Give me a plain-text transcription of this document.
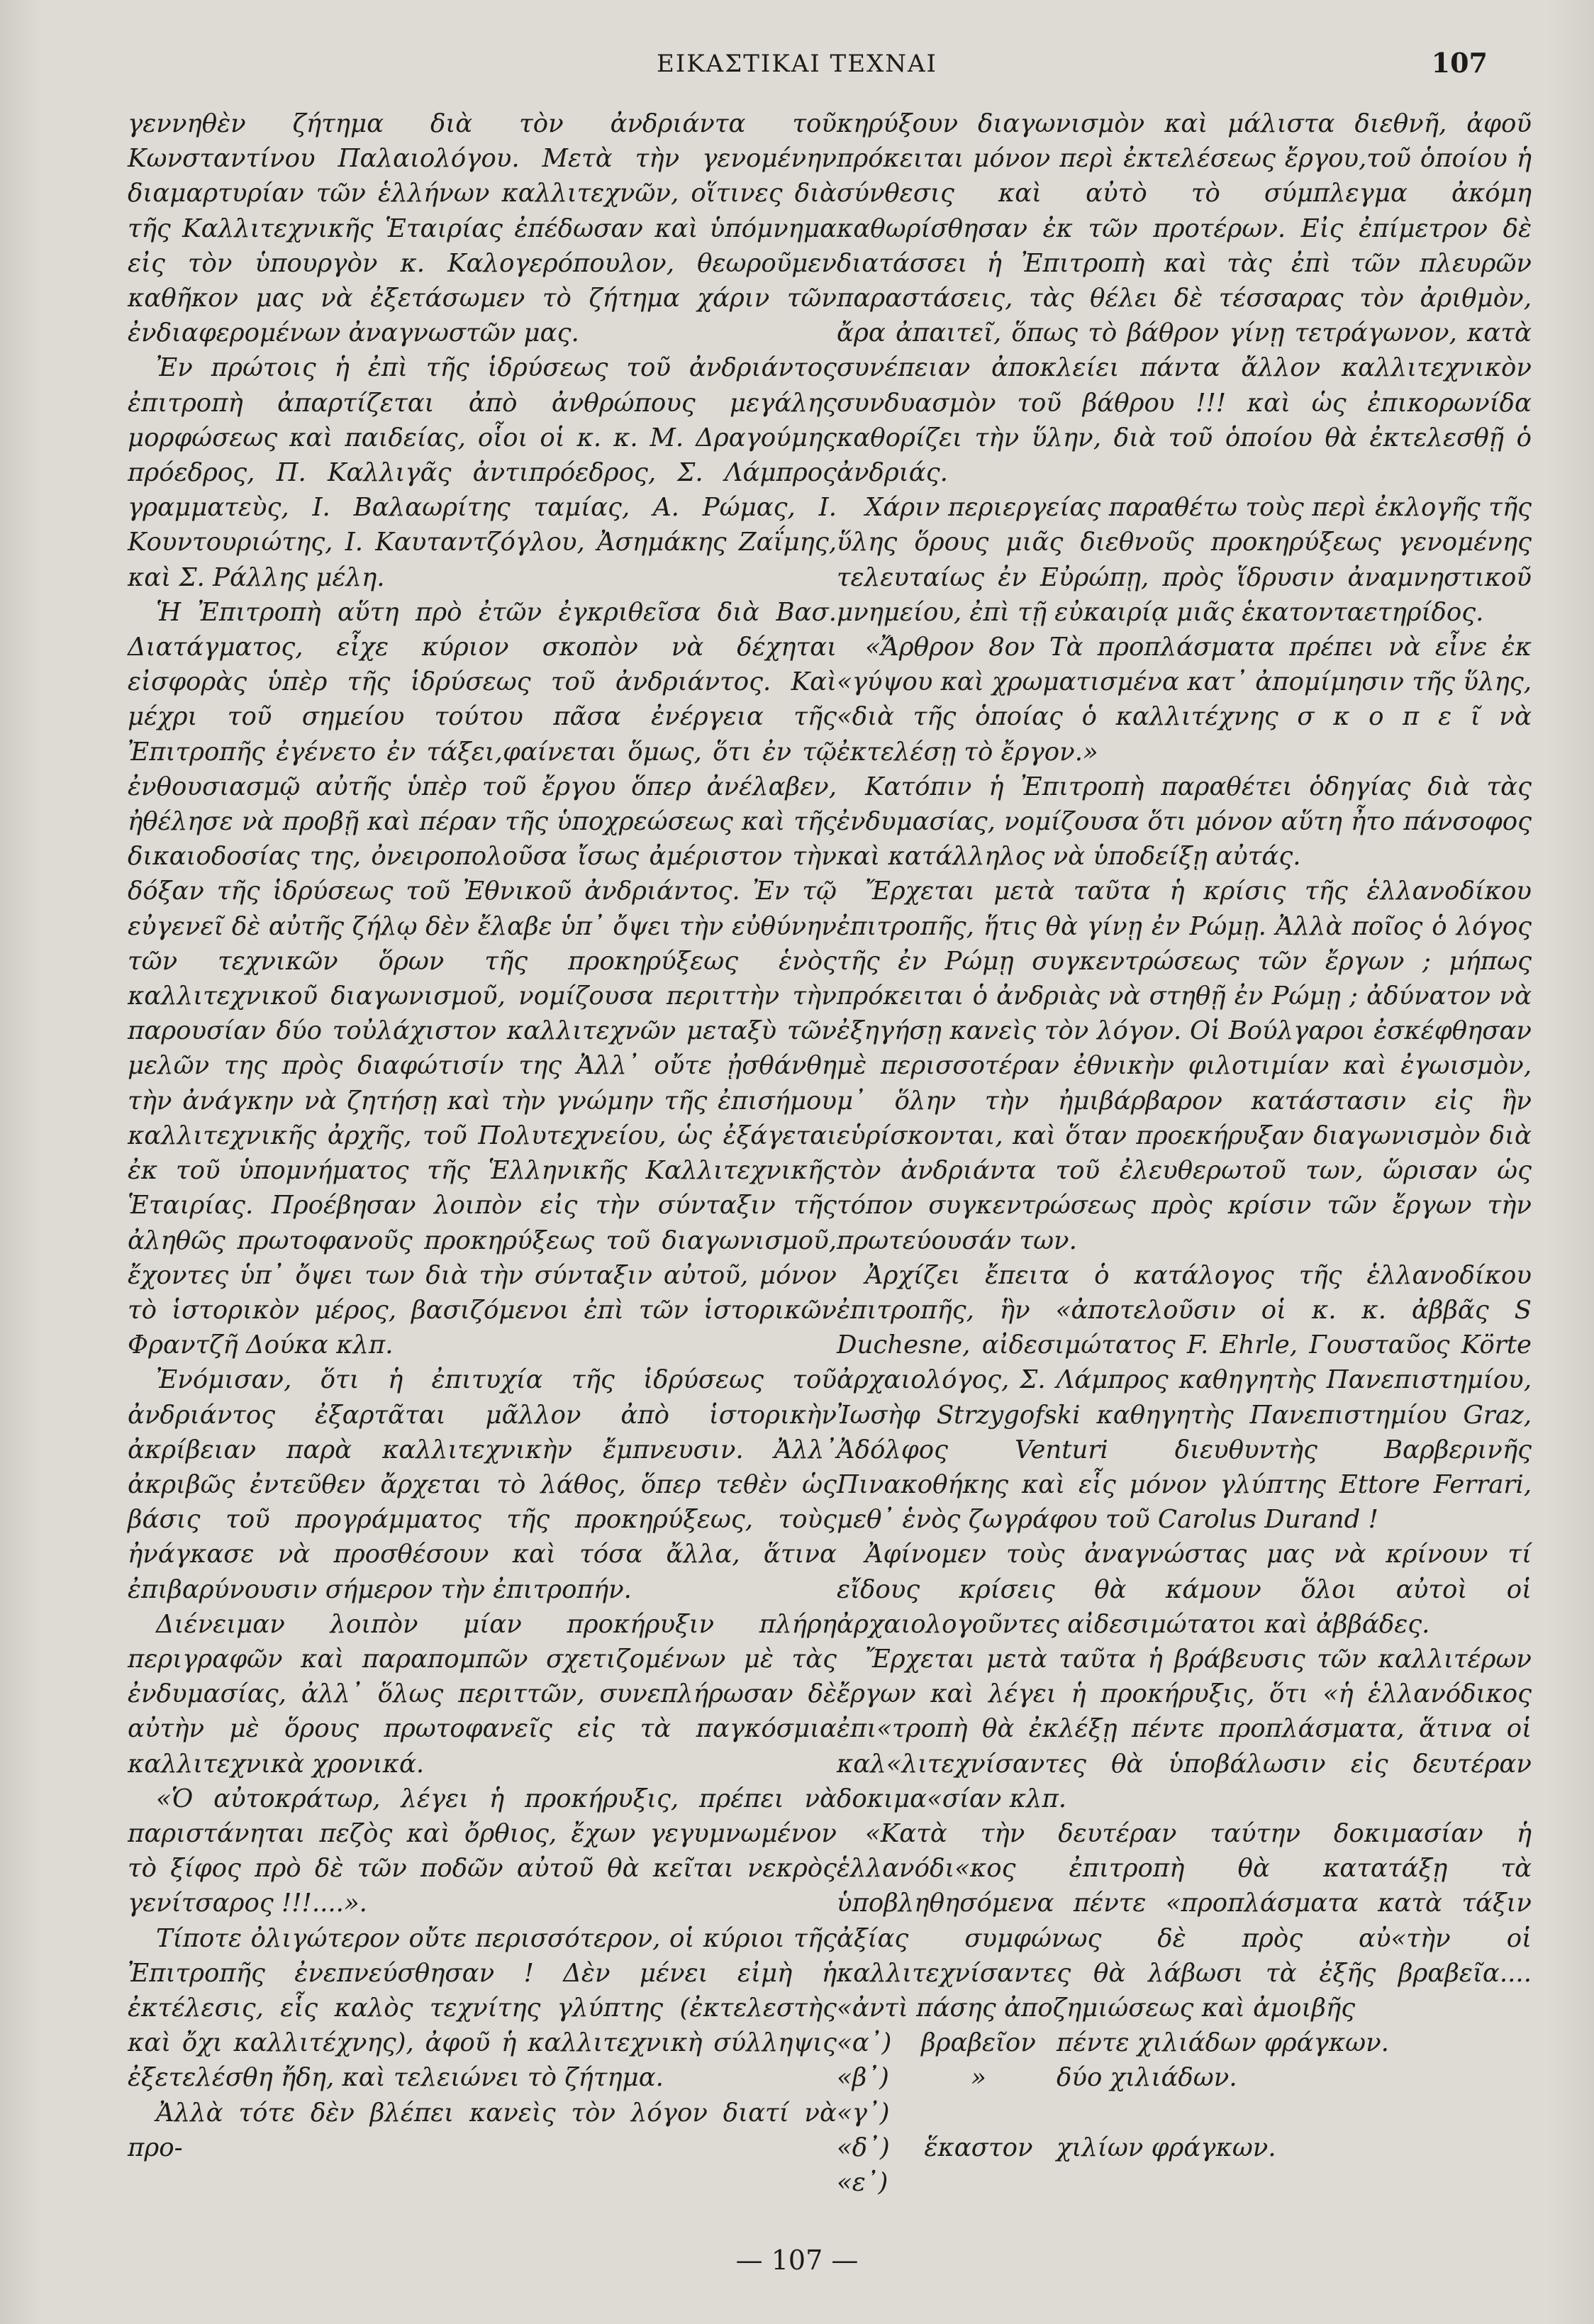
ΕΙΚΑΣΤΙΚΑΙ ΤΕΧΝΑΙ	107

γεννηθὲν ζήτημα διὰ τὸν ἀνδριάντα τοῦ Κωνσταντίνου Παλαιολόγου. Μετὰ τὴν γενομένην διαμαρτυρίαν τῶν ἑλλήνων καλλιτεχνῶν, οἵτινες διὰ τῆς Καλλιτεχνικῆς Ἑταιρίας ἐπέδωσαν καὶ ὑπόμνημα εἰς τὸν ὑπουργὸν κ. Καλογερόπουλον, θεωροῦμεν καθῆκον μας νὰ ἐξετάσωμεν τὸ ζήτημα χάριν τῶν ἐνδιαφερομένων ἀναγνωστῶν μας.

Ἐν πρώτοις ἡ ἐπὶ τῆς ἱδρύσεως τοῦ ἀνδριάντος ἐπιτροπὴ ἀπαρτίζεται ἀπὸ ἀνθρώπους μεγάλης μορφώσεως καὶ παιδείας, οἷοι οἱ κ. κ. Μ. Δραγούμης πρόεδρος, Π. Καλλιγᾶς ἀντιπρόεδρος, Σ. Λάμπρος γραμματεὺς, Ι. Βαλαωρίτης ταμίας, Α. Ρώμας, Ι. Κουντουριώτης, Ι. Καυταντζόγλου, Ἀσημάκης Ζαΐμης, καὶ Σ. Ράλλης μέλη.

Ἡ Ἐπιτροπὴ αὕτη πρὸ ἐτῶν ἐγκριθεῖσα διὰ Βασ. Διατάγματος, εἶχε κύριον σκοπὸν νὰ δέχηται εἰσφορὰς ὑπὲρ τῆς ἱδρύσεως τοῦ ἀνδριάντος. Καὶ μέχρι τοῦ σημείου τούτου πᾶσα ἐνέργεια τῆς Ἐπιτροπῆς ἐγένετο ἐν τάξει,φαίνεται ὅμως, ὅτι ἐν τῷ ἐνθουσιασμῷ αὐτῆς ὑπὲρ τοῦ ἔργου ὅπερ ἀνέλαβεν, ἠθέλησε νὰ προβῇ καὶ πέραν τῆς ὑποχρεώσεως καὶ τῆς δικαιοδοσίας της, ὀνειροπολοῦσα ἴσως ἀμέριστον τὴν δόξαν τῆς ἱδρύσεως τοῦ Ἐθνικοῦ ἀνδριάντος. Ἐν τῷ εὐγενεῖ δὲ αὐτῆς ζήλῳ δὲν ἔλαβε ὑπ᾽ ὄψει τὴν εὐθύνην τῶν τεχνικῶν ὅρων τῆς προκηρύξεως ἑνὸς καλλιτεχνικοῦ διαγωνισμοῦ, νομίζουσα περιττὴν τὴν παρουσίαν δύο τοὐλάχιστον καλλιτεχνῶν μεταξὺ τῶν μελῶν της πρὸς διαφώτισίν της Ἀλλ᾽ οὔτε ᾐσθάνθη τὴν ἀνάγκην νὰ ζητήσῃ καὶ τὴν γνώμην τῆς ἐπισήμου καλλιτεχνικῆς ἀρχῆς, τοῦ Πολυτεχνείου, ὡς ἐξάγεται ἐκ τοῦ ὑπομνήματος τῆς Ἑλληνικῆς Καλλιτεχνικῆς Ἑταιρίας. Προέβησαν λοιπὸν εἰς τὴν σύνταξιν τῆς ἀληθῶς πρωτοφανοῦς προκηρύξεως τοῦ διαγωνισμοῦ, ἔχοντες ὑπ᾽ ὄψει των διὰ τὴν σύνταξιν αὐτοῦ, μόνον τὸ ἱστορικὸν μέρος, βασιζόμενοι ἐπὶ τῶν ἱστορικῶν Φραντζῆ Δούκα κλπ.

Ἐνόμισαν, ὅτι ἡ ἐπιτυχία τῆς ἱδρύσεως τοῦ ἀνδριάντος ἐξαρτᾶται μᾶλλον ἀπὸ ἱστορικὴν ἀκρίβειαν παρὰ καλλιτεχνικὴν ἔμπνευσιν. Ἀλλ᾽ ἀκριβῶς ἐντεῦθεν ἄρχεται τὸ λάθος, ὅπερ τεθὲν ὡς βάσις τοῦ προγράμματος τῆς προκηρύξεως, τοὺς ἠνάγκασε νὰ προσθέσουν καὶ τόσα ἄλλα, ἅτινα ἐπιβαρύνουσιν σήμερον τὴν ἐπιτροπήν.

Διένειμαν λοιπὸν μίαν προκήρυξιν πλήρη περιγραφῶν καὶ παραπομπῶν σχετιζομένων μὲ τὰς ἐνδυμασίας, ἀλλ᾽ ὅλως περιττῶν, συνεπλήρωσαν δὲ αὐτὴν μὲ ὅρους πρωτοφανεῖς εἰς τὰ παγκόσμια καλλιτεχνικὰ χρονικά.

«Ὁ αὐτοκράτωρ, λέγει ἡ προκήρυξις, πρέπει νὰ παριστάνηται πεζὸς καὶ ὄρθιος, ἔχων γεγυμνωμένον τὸ ξίφος πρὸ δὲ τῶν ποδῶν αὐτοῦ θὰ κεῖται νεκρὸς γενίτσαρος !!!....».

Τίποτε ὀλιγώτερον οὔτε περισσότερον, οἱ κύριοι τῆς Ἐπιτροπῆς ἐνεπνεύσθησαν ! Δὲν μένει εἰμὴ ἡ ἐκτέλεσις, εἷς καλὸς τεχνίτης γλύπτης (ἐκτελεστὴς καὶ ὄχι καλλιτέχνης), ἀφοῦ ἡ καλλιτεχνικὴ σύλληψις ἐξετελέσθη ἤδη, καὶ τελειώνει τὸ ζήτημα.

Ἀλλὰ τότε δὲν βλέπει κανεὶς τὸν λόγον διατί νὰ προ-

κηρύξουν διαγωνισμὸν καὶ μάλιστα διεθνῆ, ἀφοῦ πρόκειται μόνον περὶ ἐκτελέσεως ἔργου,τοῦ ὁποίου ἡ σύνθεσις καὶ αὐτὸ τὸ σύμπλεγμα ἀκόμη καθωρίσθησαν ἐκ τῶν προτέρων. Εἰς ἐπίμετρον δὲ διατάσσει ἡ Ἐπιτροπὴ καὶ τὰς ἐπὶ τῶν πλευρῶν παραστάσεις, τὰς θέλει δὲ τέσσαρας τὸν ἀριθμὸν, ἄρα ἀπαιτεῖ, ὅπως τὸ βάθρον γίνῃ τετράγωνον, κατὰ συνέπειαν ἀποκλείει πάντα ἄλλον καλλιτεχνικὸν συνδυασμὸν τοῦ βάθρου !!! καὶ ὡς ἐπικορωνίδα καθορίζει τὴν ὕλην, διὰ τοῦ ὁποίου θὰ ἐκτελεσθῇ ὁ ἀνδριάς.

Χάριν περιεργείας παραθέτω τοὺς περὶ ἐκλογῆς τῆς ὕλης ὅρους μιᾶς διεθνοῦς προκηρύξεως γενομένης τελευταίως ἐν Εὐρώπῃ, πρὸς ἵδρυσιν ἀναμνηστικοῦ μνημείου, ἐπὶ τῇ εὐκαιρίᾳ μιᾶς ἑκατονταετηρίδος.

«Ἄρθρον 8ον Τὰ προπλάσματα πρέπει νὰ εἶνε ἐκ «γύψου καὶ χρωματισμένα κατ᾽ ἀπομίμησιν τῆς ὕλης, «διὰ τῆς ὁποίας ὁ καλλιτέχνης σ κ ο π ε ῖ νὰ ἐκτελέσῃ τὸ ἔργον.»

Κατόπιν ἡ Ἐπιτροπὴ παραθέτει ὁδηγίας διὰ τὰς ἐνδυμασίας, νομίζουσα ὅτι μόνον αὕτη ἦτο πάνσοφος καὶ κατάλληλος νὰ ὑποδείξῃ αὐτάς.

Ἔρχεται μετὰ ταῦτα ἡ κρίσις τῆς ἑλλανοδίκου ἐπιτροπῆς, ἥτις θὰ γίνῃ ἐν Ρώμῃ. Ἀλλὰ ποῖος ὁ λόγος τῆς ἐν Ρώμῃ συγκεντρώσεως τῶν ἔργων ; μήπως πρόκειται ὁ ἀνδριὰς νὰ στηθῇ ἐν Ρώμῃ ; ἀδύνατον νὰ ἐξηγήσῃ κανεὶς τὸν λόγον. Οἱ Βούλγαροι ἐσκέφθησαν μὲ περισσοτέραν ἐθνικὴν φιλοτιμίαν καὶ ἐγωισμὸν, μ᾽ ὅλην τὴν ἠμιβάρβαρον κατάστασιν εἰς ἣν εὑρίσκονται, καὶ ὅταν προεκήρυξαν διαγωνισμὸν διὰ τὸν ἀνδριάντα τοῦ ἐλευθερωτοῦ των, ὥρισαν ὡς τόπον συγκεντρώσεως πρὸς κρίσιν τῶν ἔργων τὴν πρωτεύουσάν των.

Ἀρχίζει ἔπειτα ὁ κατάλογος τῆς ἑλλανοδίκου ἐπιτροπῆς, ἣν «ἀποτελοῦσιν οἱ κ. κ. ἀββᾶς S Duchesne, αἰδεσιμώτατος F. Ehrle, Γουσταῦος Körte ἀρχαιολόγος, Σ. Λάμπρος καθηγητὴς Πανεπιστημίου, Ἰωσὴφ Strzygofski καθηγητὴς Πανεπιστημίου Graz, Ἀδόλφος Venturi διευθυντὴς Βαρβερινῆς Πινακοθήκης καὶ εἷς μόνον γλύπτης Ettore Ferrari, μεθ᾽ ἑνὸς ζωγράφου τοῦ Carolus Durand !

Ἀφίνομεν τοὺς ἀναγνώστας μας νὰ κρίνουν τί εἴδους κρίσεις θὰ κάμουν ὅλοι αὐτοὶ οἱ ἀρχαιολογοῦντες αἰδεσιμώτατοι καὶ ἀββάδες.

Ἔρχεται μετὰ ταῦτα ἡ βράβευσις τῶν καλλιτέρων ἔργων καὶ λέγει ἡ προκήρυξις, ὅτι «ἡ ἑλλανόδικος ἐπι«τροπὴ θὰ ἐκλέξῃ πέντε προπλάσματα, ἅτινα οἱ καλ«λιτεχνίσαντες θὰ ὑποβάλωσιν εἰς δευτέραν δοκιμα«σίαν κλπ.

«Κατὰ τὴν δευτέραν ταύτην δοκιμασίαν ἡ ἑλλανόδι«κος ἐπιτροπὴ θὰ κατατάξῃ τὰ ὑποβληθησόμενα πέντε «προπλάσματα κατὰ τάξιν ἀξίας συμφώνως δὲ πρὸς αὐ«τὴν οἱ καλλιτεχνίσαντες θὰ λάβωσι τὰ ἐξῆς βραβεῖα.... «ἀντὶ πάσης ἀποζημιώσεως καὶ ἀμοιβῆς

«α᾽)	βραβεῖον πέντε χιλιάδων φράγκων.
«β᾽)	»	δύο χιλιάδων.
«γ᾽)
«δ᾽)	ἕκαστον χιλίων φράγκων.
«ε᾽)
— 107 —
